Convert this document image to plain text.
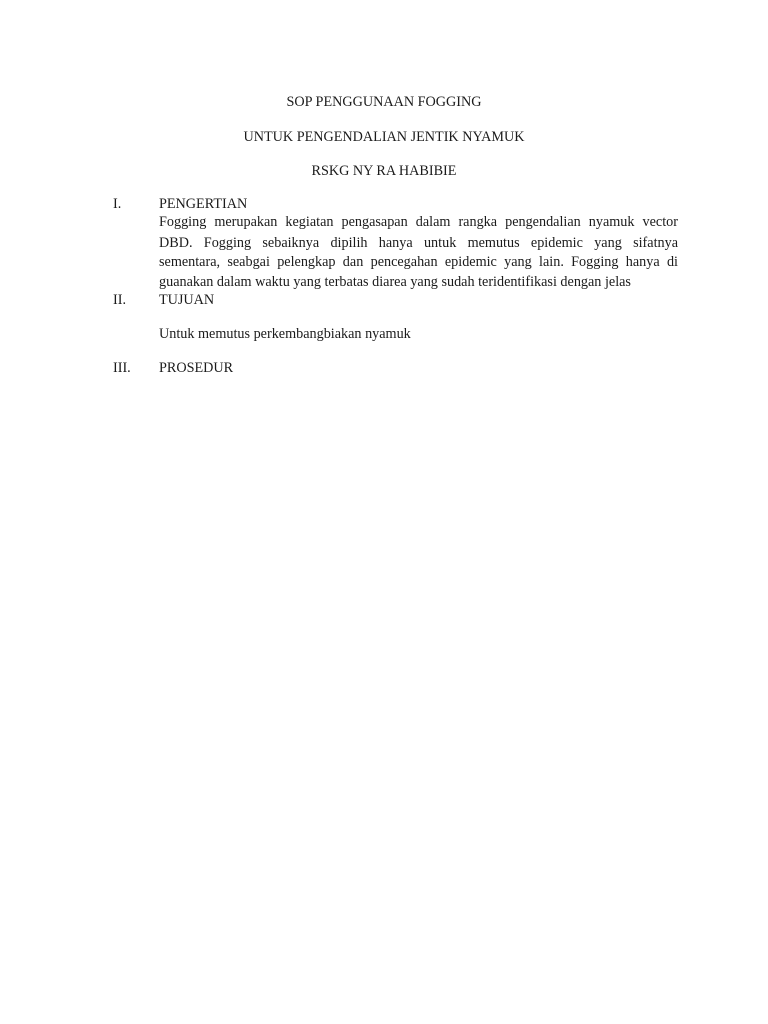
SOP PENGGUNAAN FOGGING
UNTUK PENGENDALIAN JENTIK NYAMUK
RSKG NY RA HABIBIE
I.	PENGERTIAN
Fogging merupakan kegiatan pengasapan dalam rangka pengendalian nyamuk vector
DBD. Fogging sebaiknya dipilih hanya untuk memutus epidemic yang sifatnya
sementara, seabgai pelengkap dan pencegahan epidemic yang lain. Fogging hanya di
guanakan dalam waktu yang terbatas diarea yang sudah teridentifikasi dengan jelas
II. TUJUAN
Untuk memutus perkembangbiakan nyamuk
III. PROSEDUR
